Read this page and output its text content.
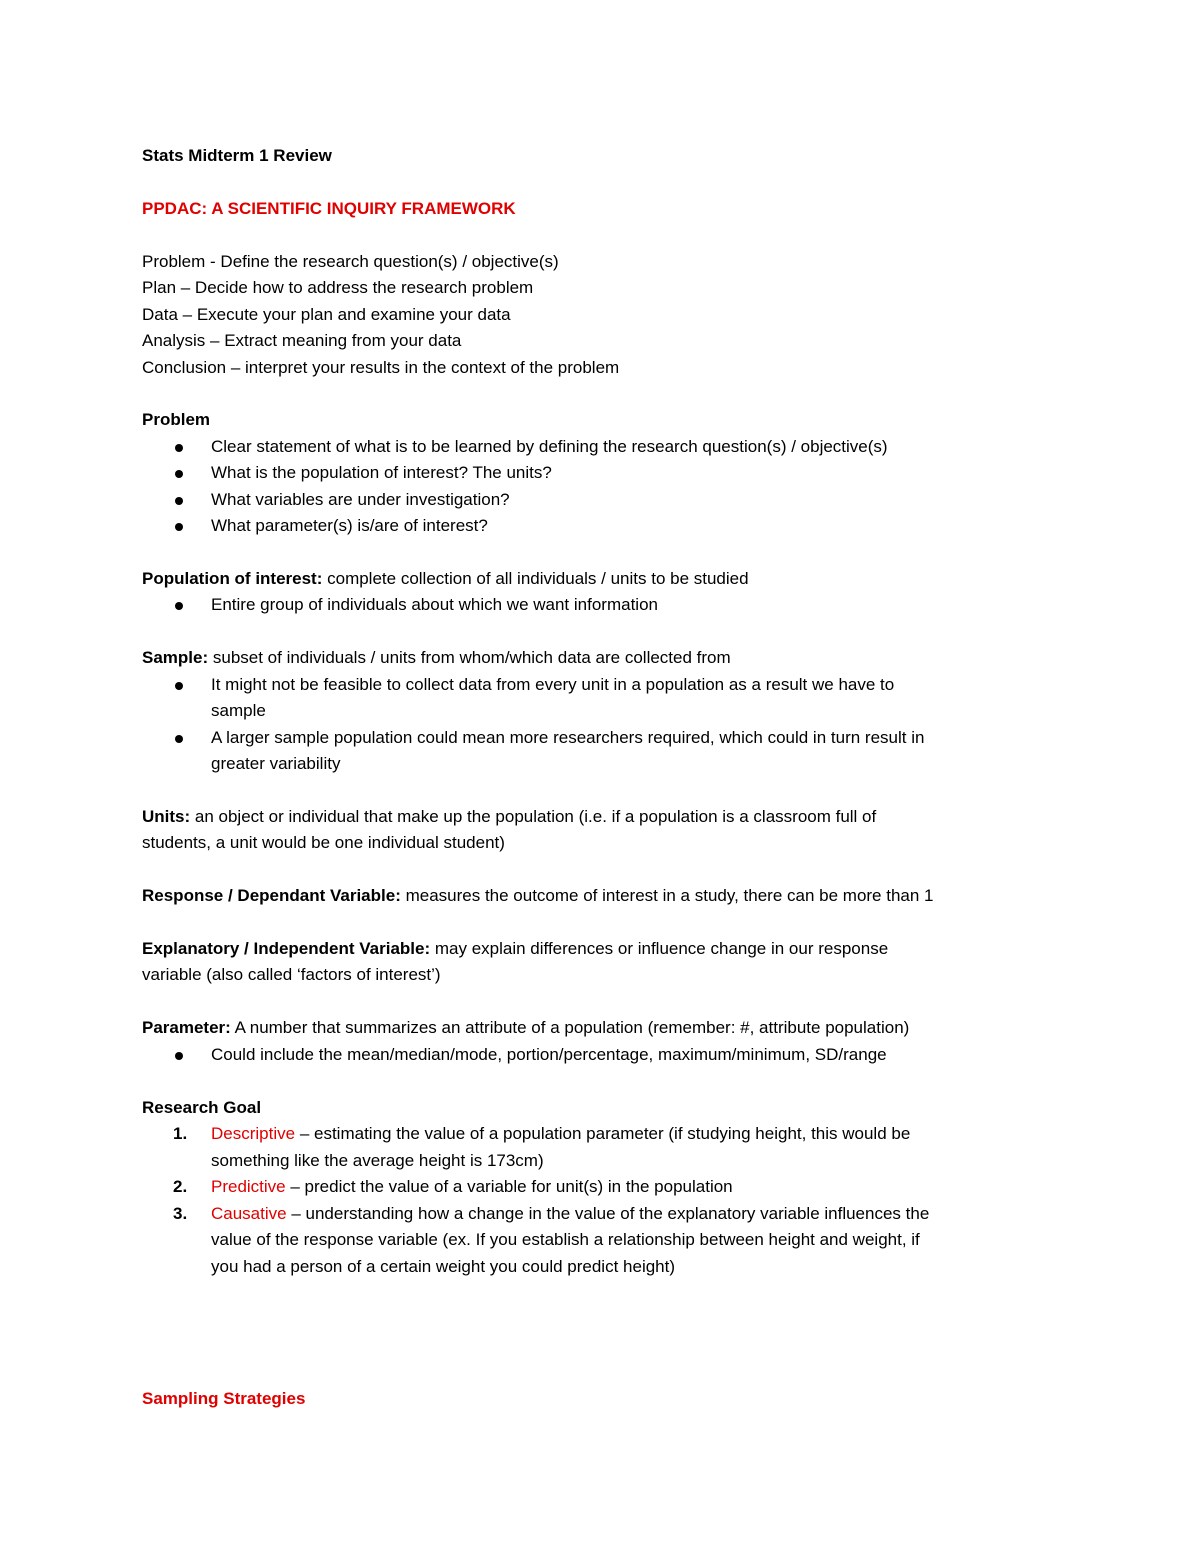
Stats Midterm 1 Review
PPDAC: A SCIENTIFIC INQUIRY FRAMEWORK
Problem - Define the research question(s) / objective(s)
Plan – Decide how to address the research problem
Data – Execute your plan and examine your data
Analysis – Extract meaning from your data
Conclusion – interpret your results in the context of the problem
Problem
Clear statement of what is to be learned by defining the research question(s) / objective(s)
What is the population of interest? The units?
What variables are under investigation?
What parameter(s) is/are of interest?
Population of interest: complete collection of all individuals / units to be studied
Entire group of individuals about which we want information
Sample: subset of individuals / units from whom/which data are collected from
It might not be feasible to collect data from every unit in a population as a result we have to
sample
A larger sample population could mean more researchers required, which could in turn result in
greater variability
Units: an object or individual that make up the population (i.e. if a population is a classroom full of
students, a unit would be one individual student)
Response / Dependant Variable: measures the outcome of interest in a study, there can be more than 1
Explanatory / Independent Variable: may explain differences or influence change in our response
variable (also called ‘factors of interest’)
Parameter: A number that summarizes an attribute of a population (remember: #, attribute population)
Could include the mean/median/mode, portion/percentage, maximum/minimum, SD/range
Research Goal
1. Descriptive – estimating the value of a population parameter (if studying height, this would be
something like the average height is 173cm)
2. Predictive – predict the value of a variable for unit(s) in the population
3. Causative – understanding how a change in the value of the explanatory variable influences the
value of the response variable (ex. If you establish a relationship between height and weight, if
you had a person of a certain weight you could predict height)
Sampling Strategies
